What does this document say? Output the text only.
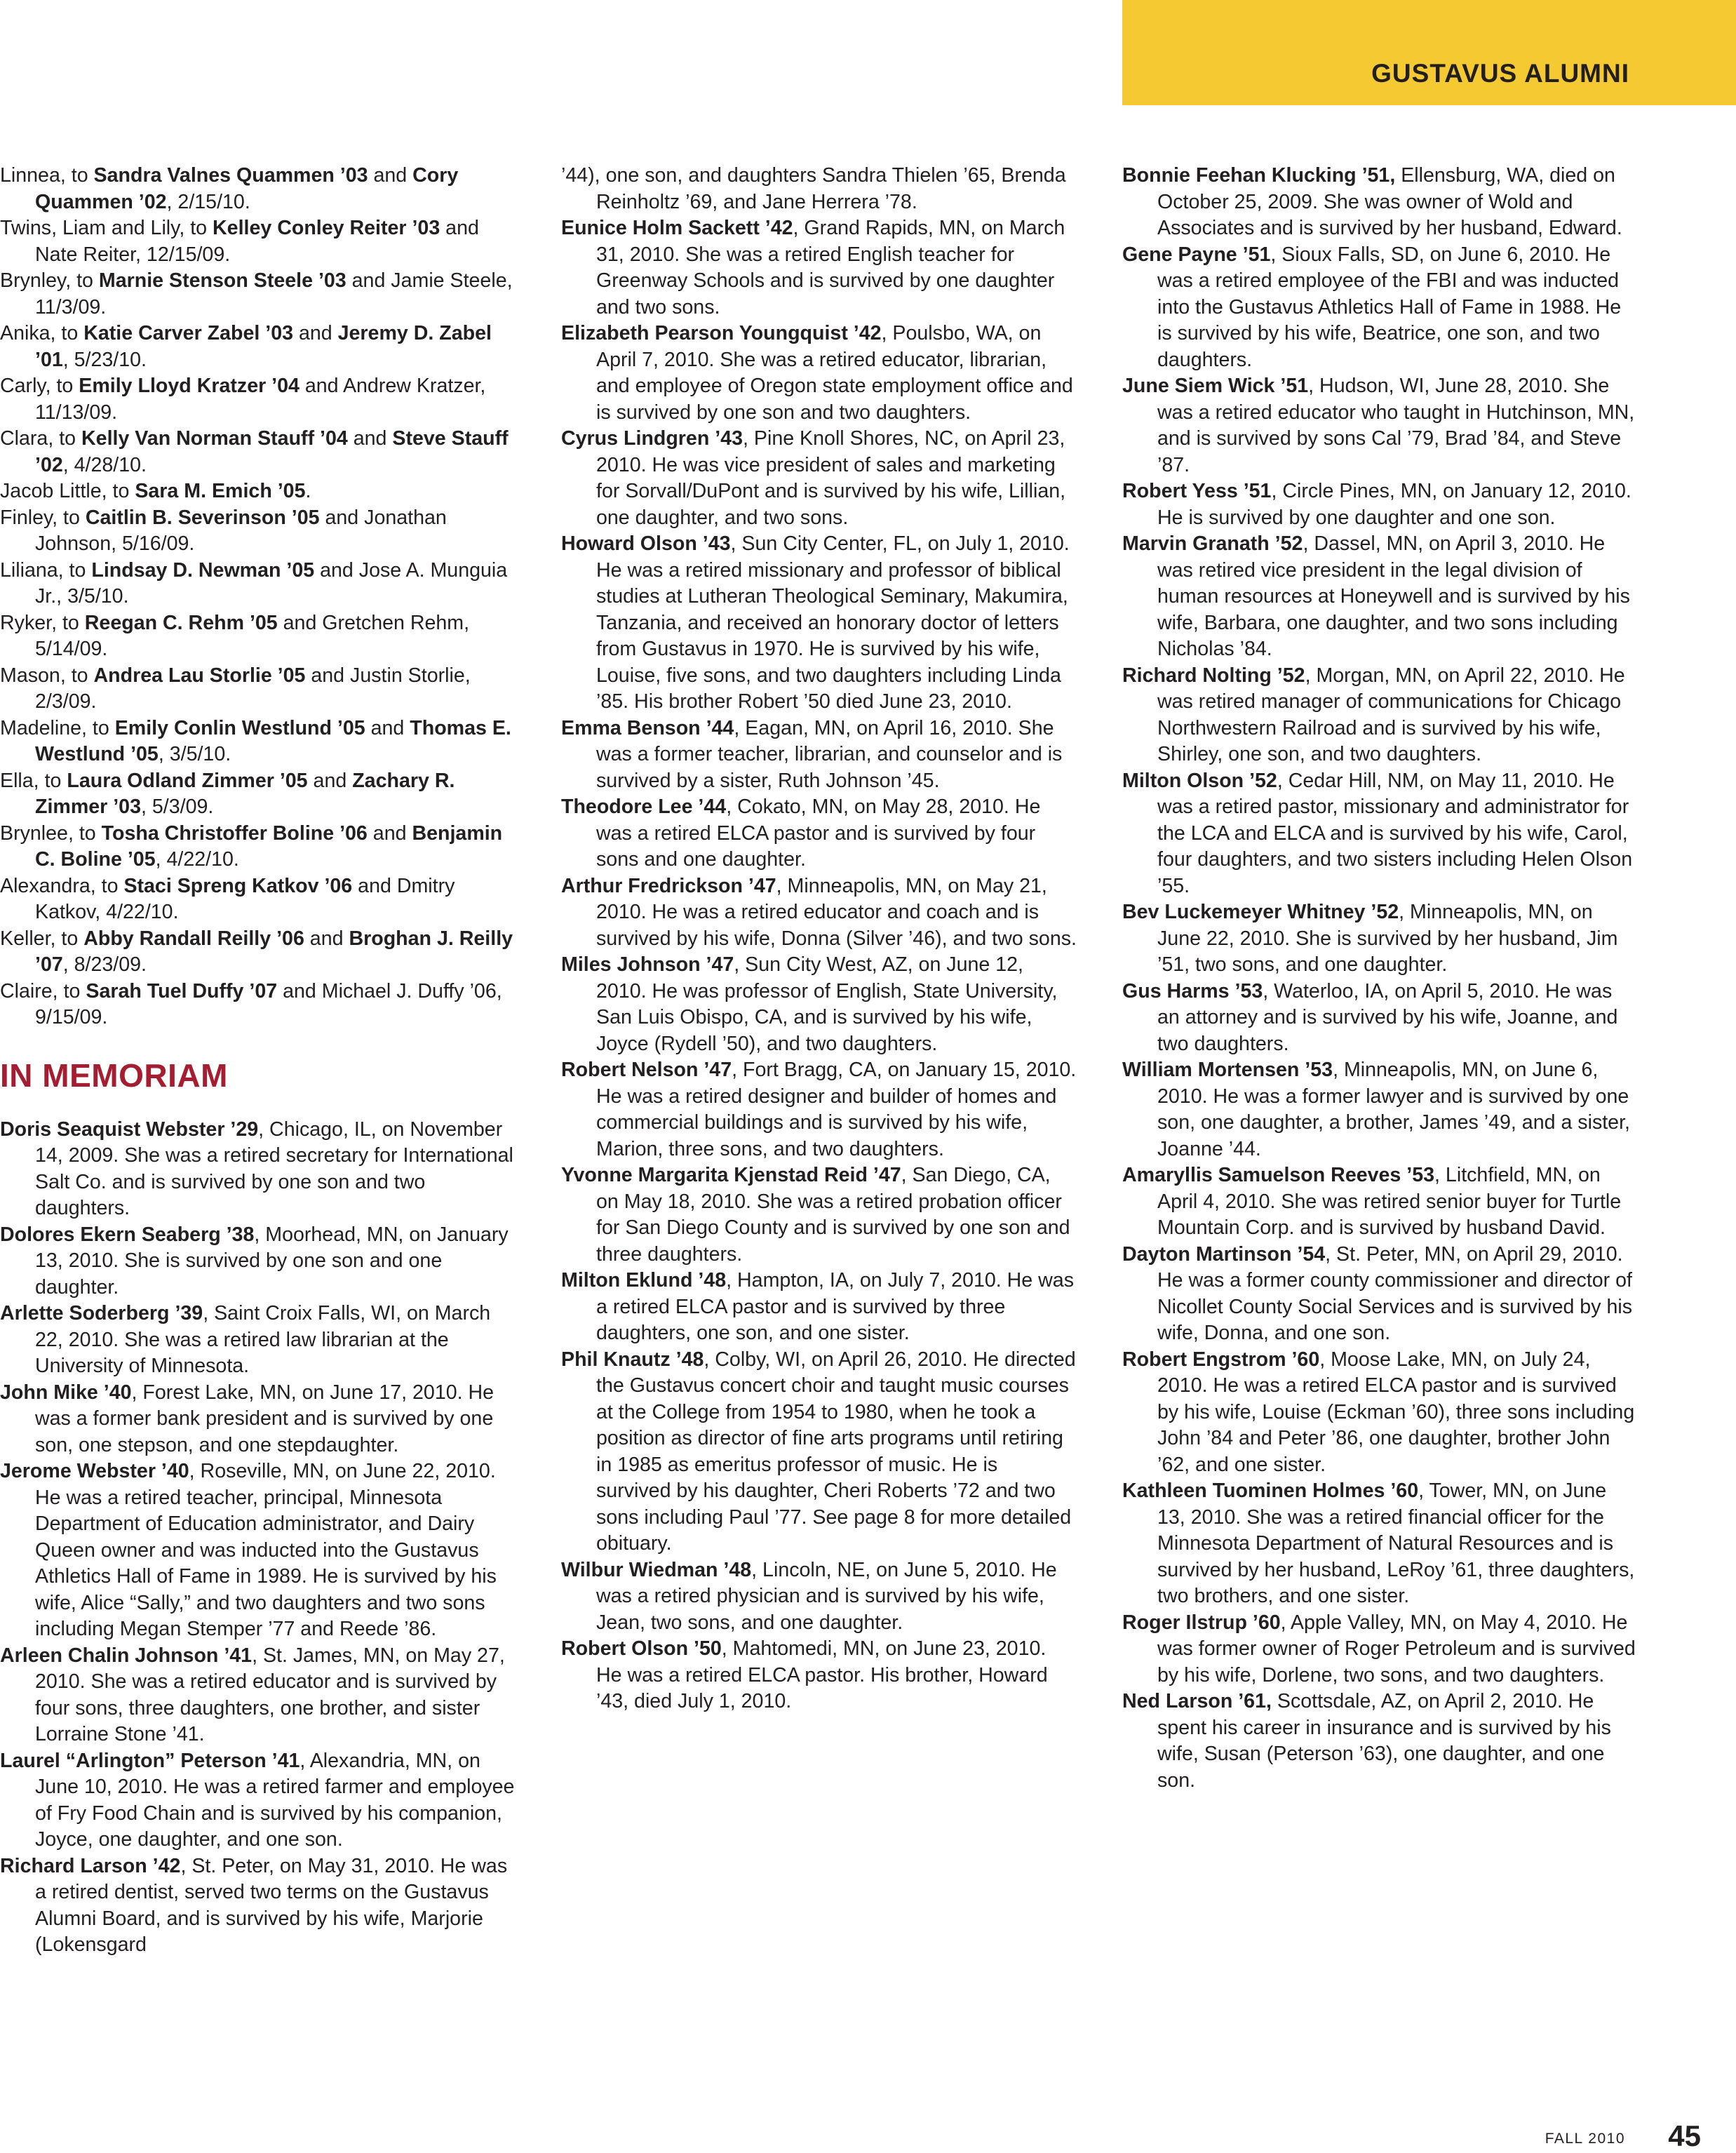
GUSTAVUS ALUMNI

Linnea, to Sandra Valnes Quammen ’03 and Cory Quammen ’02, 2/15/10.

Twins, Liam and Lily, to Kelley Conley Reiter ’03 and Nate Reiter, 12/15/09.

Brynley, to Marnie Stenson Steele ’03 and Jamie Steele, 11/3/09.

Anika, to Katie Carver Zabel ’03 and Jeremy D. Zabel ’01, 5/23/10.

Carly, to Emily Lloyd Kratzer ’04 and Andrew Kratzer, 11/13/09.

Clara, to Kelly Van Norman Stauff ’04 and Steve Stauff ’02, 4/28/10.

Jacob Little, to Sara M. Emich ’05.

Finley, to Caitlin B. Severinson ’05 and Jonathan Johnson, 5/16/09.

Liliana, to Lindsay D. Newman ’05 and Jose A. Munguia Jr., 3/5/10.

Ryker, to Reegan C. Rehm ’05 and Gretchen Rehm, 5/14/09.

Mason, to Andrea Lau Storlie ’05 and Justin Storlie, 2/3/09.

Madeline, to Emily Conlin Westlund ’05 and Thomas E. Westlund ’05, 3/5/10.

Ella, to Laura Odland Zimmer ’05 and Zachary R. Zimmer ’03, 5/3/09.

Brynlee, to Tosha Christoffer Boline ’06 and Benjamin C. Boline ’05, 4/22/10.

Alexandra, to Staci Spreng Katkov ’06 and Dmitry Katkov, 4/22/10.

Keller, to Abby Randall Reilly ’06 and Broghan J. Reilly ’07, 8/23/09.

Claire, to Sarah Tuel Duffy ’07 and Michael J. Duffy ’06, 9/15/09.

IN MEMORIAM

Doris Seaquist Webster ’29, Chicago, IL, on November 14, 2009. She was a retired secretary for International Salt Co. and is survived by one son and two daughters.

Dolores Ekern Seaberg ’38, Moorhead, MN, on January 13, 2010. She is survived by one son and one daughter.

Arlette Soderberg ’39, Saint Croix Falls, WI, on March 22, 2010. She was a retired law librarian at the University of Minnesota.

John Mike ’40, Forest Lake, MN, on June 17, 2010. He was a former bank president and is survived by one son, one stepson, and one stepdaughter.

Jerome Webster ’40, Roseville, MN, on June 22, 2010. He was a retired teacher, principal, Minnesota Department of Education administrator, and Dairy Queen owner and was inducted into the Gustavus Athletics Hall of Fame in 1989. He is survived by his wife, Alice “Sally,” and two daughters and two sons including Megan Stemper ’77 and Reede ’86.

Arleen Chalin Johnson ’41, St. James, MN, on May 27, 2010. She was a retired educator and is survived by four sons, three daughters, one brother, and sister Lorraine Stone ’41.

Laurel “Arlington” Peterson ’41, Alexandria, MN, on June 10, 2010. He was a retired farmer and employee of Fry Food Chain and is survived by his companion, Joyce, one daughter, and one son.

Richard Larson ’42, St. Peter, on May 31, 2010. He was a retired dentist, served two terms on the Gustavus Alumni Board, and is survived by his wife, Marjorie (Lokensgard

’44), one son, and daughters Sandra Thielen ’65, Brenda Reinholtz ’69, and Jane Herrera ’78.

Eunice Holm Sackett ’42, Grand Rapids, MN, on March 31, 2010. She was a retired English teacher for Greenway Schools and is survived by one daughter and two sons.

Elizabeth Pearson Youngquist ’42, Poulsbo, WA, on April 7, 2010. She was a retired educator, librarian, and employee of Oregon state employment office and is survived by one son and two daughters.

Cyrus Lindgren ’43, Pine Knoll Shores, NC, on April 23, 2010. He was vice president of sales and marketing for Sorvall/DuPont and is survived by his wife, Lillian, one daughter, and two sons.

Howard Olson ’43, Sun City Center, FL, on July 1, 2010. He was a retired missionary and professor of biblical studies at Lutheran Theological Seminary, Makumira, Tanzania, and received an honorary doctor of letters from Gustavus in 1970. He is survived by his wife, Louise, five sons, and two daughters including Linda ’85. His brother Robert ’50 died June 23, 2010.

Emma Benson ’44, Eagan, MN, on April 16, 2010. She was a former teacher, librarian, and counselor and is survived by a sister, Ruth Johnson ’45.

Theodore Lee ’44, Cokato, MN, on May 28, 2010. He was a retired ELCA pastor and is survived by four sons and one daughter.

Arthur Fredrickson ’47, Minneapolis, MN, on May 21, 2010. He was a retired educator and coach and is survived by his wife, Donna (Silver ’46), and two sons.

Miles Johnson ’47, Sun City West, AZ, on June 12, 2010. He was professor of English, State University, San Luis Obispo, CA, and is survived by his wife, Joyce (Rydell ’50), and two daughters.

Robert Nelson ’47, Fort Bragg, CA, on January 15, 2010. He was a retired designer and builder of homes and commercial buildings and is survived by his wife, Marion, three sons, and two daughters.

Yvonne Margarita Kjenstad Reid ’47, San Diego, CA, on May 18, 2010. She was a retired probation officer for San Diego County and is survived by one son and three daughters.

Milton Eklund ’48, Hampton, IA, on July 7, 2010. He was a retired ELCA pastor and is survived by three daughters, one son, and one sister.

Phil Knautz ’48, Colby, WI, on April 26, 2010. He directed the Gustavus concert choir and taught music courses at the College from 1954 to 1980, when he took a position as director of fine arts programs until retiring in 1985 as emeritus professor of music. He is survived by his daughter, Cheri Roberts ’72 and two sons including Paul ’77. See page 8 for more detailed obituary.

Wilbur Wiedman ’48, Lincoln, NE, on June 5, 2010. He was a retired physician and is survived by his wife, Jean, two sons, and one daughter.

Robert Olson ’50, Mahtomedi, MN, on June 23, 2010. He was a retired ELCA pastor. His brother, Howard ’43, died July 1, 2010.

Bonnie Feehan Klucking ’51, Ellensburg, WA, died on October 25, 2009. She was owner of Wold and Associates and is survived by her husband, Edward.

Gene Payne ’51, Sioux Falls, SD, on June 6, 2010. He was a retired employee of the FBI and was inducted into the Gustavus Athletics Hall of Fame in 1988. He is survived by his wife, Beatrice, one son, and two daughters.

June Siem Wick ’51, Hudson, WI, June 28, 2010. She was a retired educator who taught in Hutchinson, MN, and is survived by sons Cal ’79, Brad ’84, and Steve ’87.

Robert Yess ’51, Circle Pines, MN, on January 12, 2010. He is survived by one daughter and one son.

Marvin Granath ’52, Dassel, MN, on April 3, 2010. He was retired vice president in the legal division of human resources at Honeywell and is survived by his wife, Barbara, one daughter, and two sons including Nicholas ’84.

Richard Nolting ’52, Morgan, MN, on April 22, 2010. He was retired manager of communications for Chicago Northwestern Railroad and is survived by his wife, Shirley, one son, and two daughters.

Milton Olson ’52, Cedar Hill, NM, on May 11, 2010. He was a retired pastor, missionary and administrator for the LCA and ELCA and is survived by his wife, Carol, four daughters, and two sisters including Helen Olson ’55.

Bev Luckemeyer Whitney ’52, Minneapolis, MN, on June 22, 2010. She is survived by her husband, Jim ’51, two sons, and one daughter.

Gus Harms ’53, Waterloo, IA, on April 5, 2010. He was an attorney and is survived by his wife, Joanne, and two daughters.

William Mortensen ’53, Minneapolis, MN, on June 6, 2010. He was a former lawyer and is survived by one son, one daughter, a brother, James ’49, and a sister, Joanne ’44.

Amaryllis Samuelson Reeves ’53, Litchfield, MN, on April 4, 2010. She was retired senior buyer for Turtle Mountain Corp. and is survived by husband David.

Dayton Martinson ’54, St. Peter, MN, on April 29, 2010. He was a former county commissioner and director of Nicollet County Social Services and is survived by his wife, Donna, and one son.

Robert Engstrom ’60, Moose Lake, MN, on July 24, 2010. He was a retired ELCA pastor and is survived by his wife, Louise (Eckman ’60), three sons including John ’84 and Peter ’86, one daughter, brother John ’62, and one sister.

Kathleen Tuominen Holmes ’60, Tower, MN, on June 13, 2010. She was a retired financial officer for the Minnesota Department of Natural Resources and is survived by her husband, LeRoy ’61, three daughters, two brothers, and one sister.

Roger Ilstrup ’60, Apple Valley, MN, on May 4, 2010. He was former owner of Roger Petroleum and is survived by his wife, Dorlene, two sons, and two daughters.

Ned Larson ’61, Scottsdale, AZ, on April 2, 2010. He spent his career in insurance and is survived by his wife, Susan (Peterson ’63), one daughter, and one son.

FALL 2010 45
